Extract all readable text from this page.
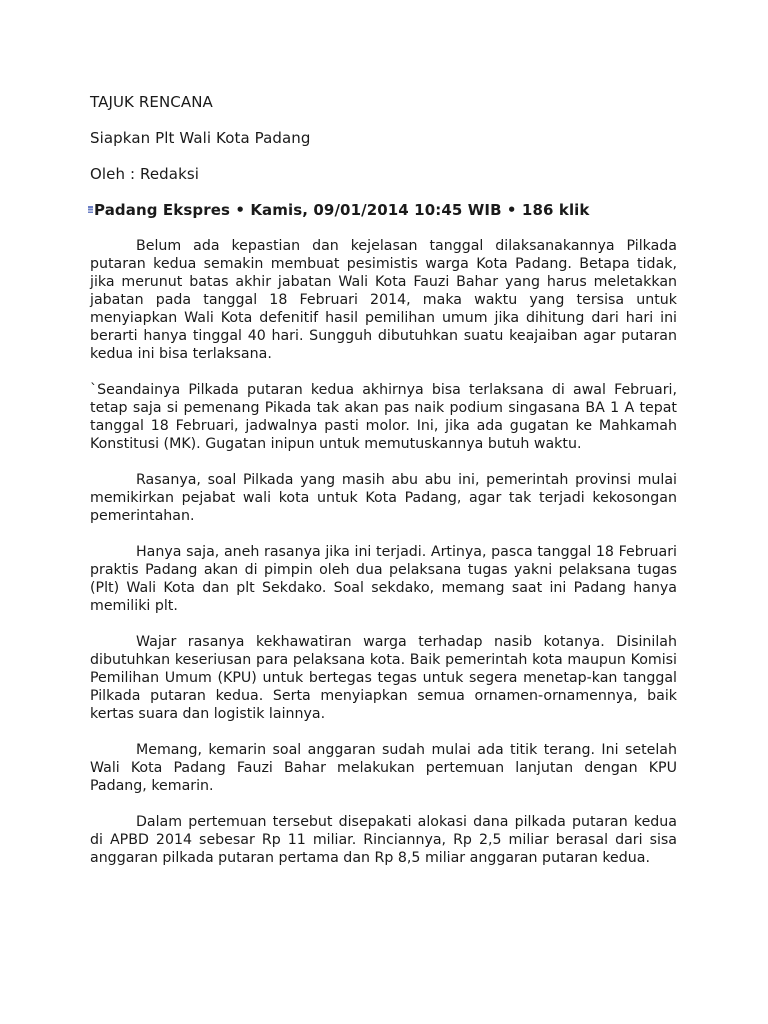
TAJUK RENCANA
Siapkan Plt Wali Kota Padang
Oleh : Redaksi
Padang Ekspres • Kamis, 09/01/2014 10:45 WIB • 186 klik

Belum ada kepastian dan kejelasan tanggal dilaksanakannya Pilkada putaran kedua semakin membuat pesimistis warga Kota Padang. Betapa tidak, jika merunut batas akhir jabatan Wali Kota Fauzi Bahar yang harus meletakkan jabatan pada tanggal 18 Februari 2014, maka waktu yang tersisa untuk menyiapkan Wali Kota defenitif hasil pemilihan umum jika dihitung dari hari ini berarti hanya tinggal 40 hari. Sungguh dibutuhkan suatu keajaiban agar putaran kedua ini bisa terlaksana.

`Seandainya Pilkada putaran kedua akhirnya bisa terlaksana di awal Februari, tetap saja si pemenang Pikada tak akan pas naik podium singasana BA 1 A tepat tanggal 18 Februari, jadwalnya pasti molor. Ini, jika ada gugatan ke Mahkamah Konstitusi (MK). Gugatan inipun untuk memutuskannya butuh waktu.

Rasanya, soal Pilkada yang masih abu abu ini, pemerintah provinsi mulai memikirkan pejabat wali kota untuk Kota Padang, agar tak terjadi kekosongan pemerintahan.

Hanya saja, aneh rasanya jika ini terjadi. Artinya, pasca tanggal 18 Februari praktis Padang akan di pimpin oleh dua pelaksana tugas yakni pelaksana tugas (Plt) Wali Kota dan plt Sekdako. Soal sekdako, memang saat ini Padang hanya memiliki plt.

Wajar rasanya kekhawatiran warga terhadap nasib kotanya. Disinilah dibutuhkan keseriusan para pelaksana kota. Baik pemerintah kota maupun Komisi Pemilihan Umum (KPU) untuk bertegas tegas untuk segera menetap-kan tanggal Pilkada putaran kedua. Serta menyiapkan semua ornamen-ornamennya, baik kertas suara dan logistik lainnya.

Memang, kemarin soal anggaran sudah mulai ada titik terang. Ini setelah Wali Kota Padang Fauzi Bahar melakukan pertemuan lanjutan dengan KPU Padang, kemarin.

Dalam pertemuan tersebut disepakati alokasi dana pilkada putaran kedua di APBD 2014 sebesar Rp 11 miliar. Rinciannya, Rp 2,5 miliar berasal dari sisa anggaran pilkada putaran pertama dan Rp 8,5 miliar anggaran putaran kedua.
